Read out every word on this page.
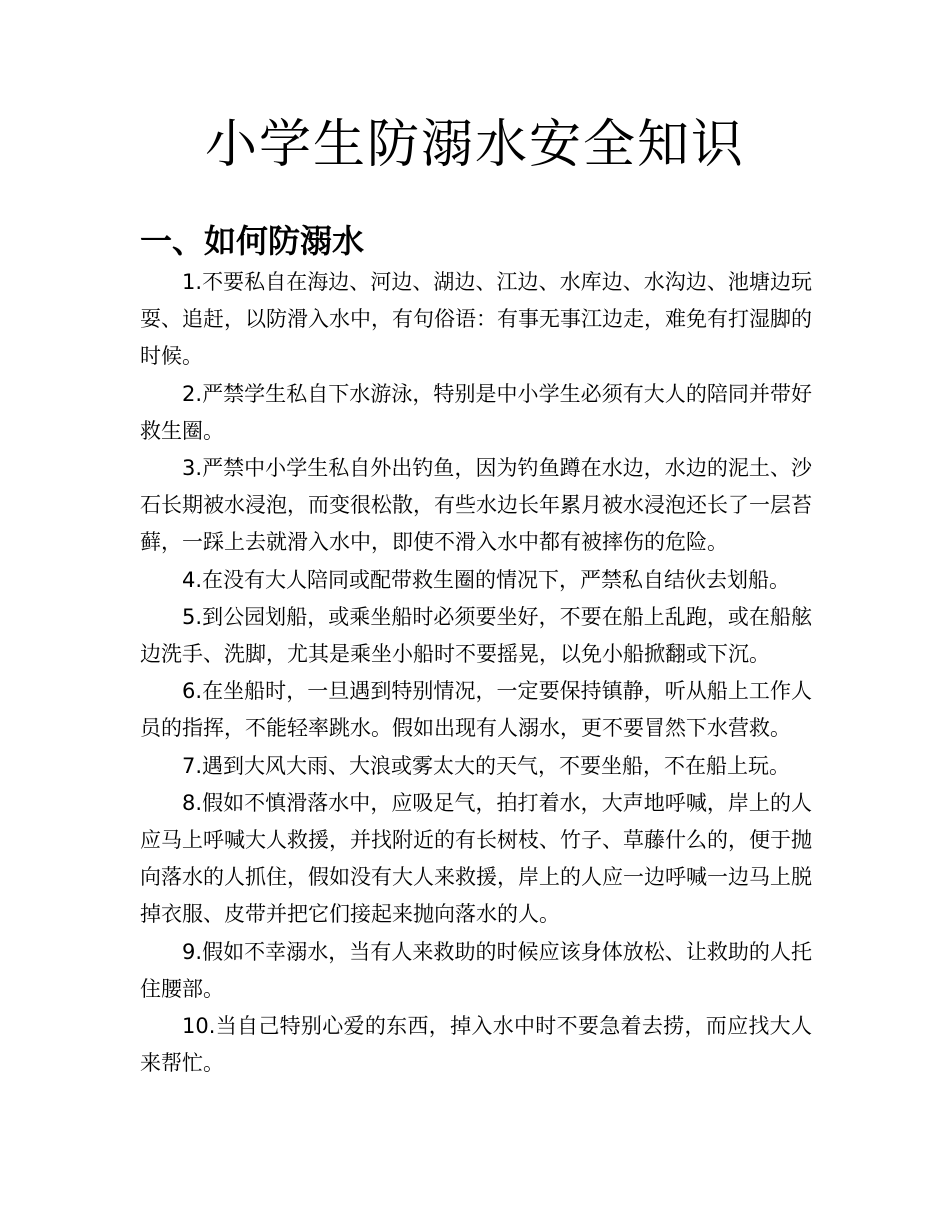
小学生防溺水安全知识
一、如何防溺水

1.不要私自在海边、河边、湖边、江边、水库边、水沟边、池塘边玩耍、追赶，以防滑入水中，有句俗语：有事无事江边走，难免有打湿脚的时候。

2.严禁学生私自下水游泳，特别是中小学生必须有大人的陪同并带好救生圈。

3.严禁中小学生私自外出钓鱼，因为钓鱼蹲在水边，水边的泥土、沙石长期被水浸泡，而变很松散，有些水边长年累月被水浸泡还长了一层苔藓，一踩上去就滑入水中，即使不滑入水中都有被摔伤的危险。

4.在没有大人陪同或配带救生圈的情况下，严禁私自结伙去划船。

5.到公园划船，或乘坐船时必须要坐好，不要在船上乱跑，或在船舷边洗手、洗脚，尤其是乘坐小船时不要摇晃，以免小船掀翻或下沉。

6.在坐船时，一旦遇到特别情况，一定要保持镇静，听从船上工作人员的指挥，不能轻率跳水。假如出现有人溺水，更不要冒然下水营救。

7.遇到大风大雨、大浪或雾太大的天气，不要坐船，不在船上玩。

8.假如不慎滑落水中，应吸足气，拍打着水，大声地呼喊，岸上的人应马上呼喊大人救援，并找附近的有长树枝、竹子、草藤什么的，便于抛向落水的人抓住，假如没有大人来救援，岸上的人应一边呼喊一边马上脱掉衣服、皮带并把它们接起来抛向落水的人。

9.假如不幸溺水，当有人来救助的时候应该身体放松、让救助的人托住腰部。

10.当自己特别心爱的东西，掉入水中时不要急着去捞，而应找大人来帮忙。
